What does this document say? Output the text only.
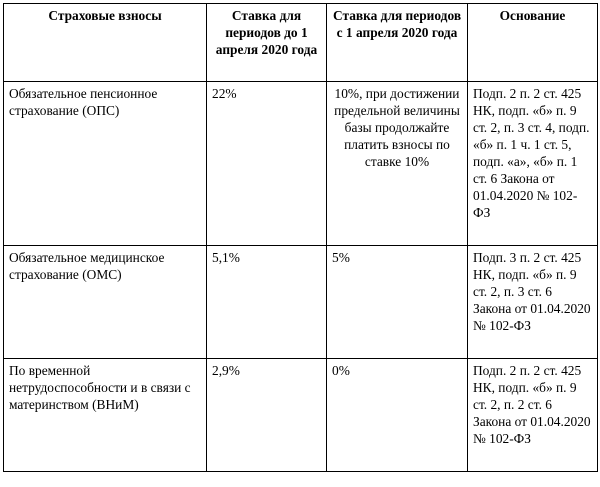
Страховые взносы	Ставка для периодов до 1 апреля 2020 года	Ставка для периодов с 1 апреля 2020 года	Основание
Обязательное пенсионное страхование (ОПС)	22%	10%, при достижении предельной величины базы продолжайте платить взносы по ставке 10%	Подп. 2 п. 2 ст. 425 НК, подп. «б» п. 9 ст. 2, п. 3 ст. 4, подп. «б» п. 1 ч. 1 ст. 5, подп. «а», «б» п. 1 ст. 6 Закона от 01.04.2020 № 102-ФЗ
Обязательное медицинское страхование (ОМС)	5,1%	5%	Подп. 3 п. 2 ст. 425 НК, подп. «б» п. 9 ст. 2, п. 3 ст. 6 Закона от 01.04.2020 № 102-ФЗ
По временной нетрудоспособности и в связи с материнством (ВНиМ)	2,9%	0%	Подп. 2 п. 2 ст. 425 НК, подп. «б» п. 9 ст. 2, п. 2 ст. 6 Закона от 01.04.2020 № 102-ФЗ
